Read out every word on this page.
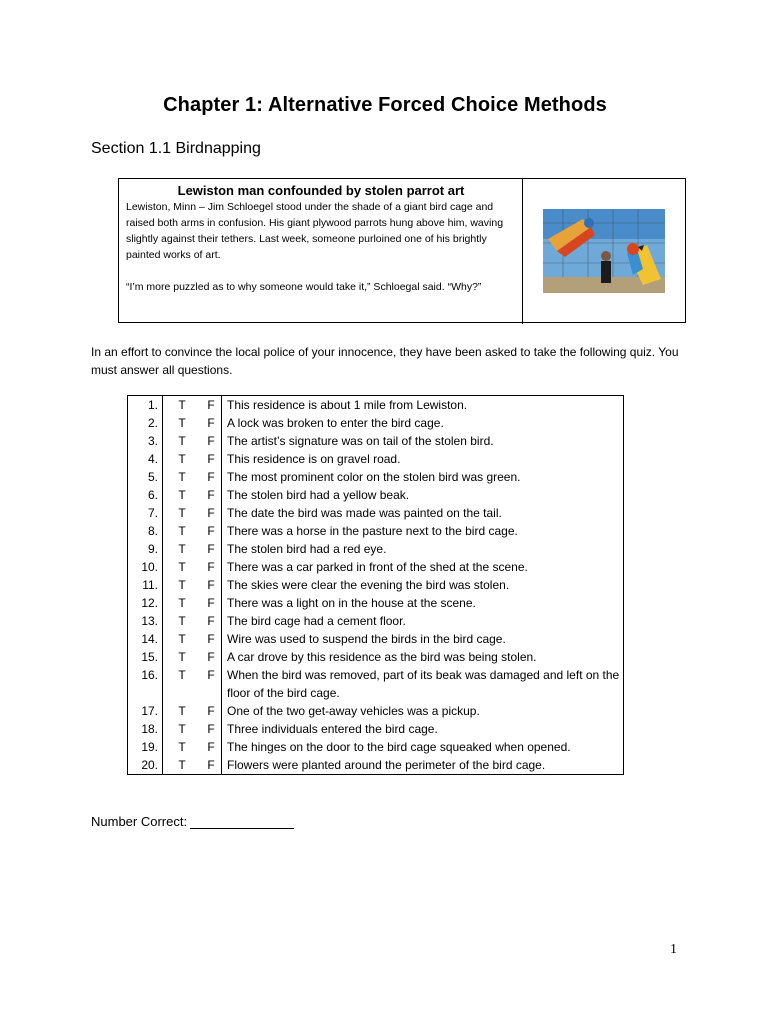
Chapter 1: Alternative Forced Choice Methods
Section 1.1 Birdnapping
Lewiston man confounded by stolen parrot art

Lewiston, Minn – Jim Schloegel stood under the shade of a giant bird cage and raised both arms in confusion. His giant plywood parrots hung above him, waving slightly against their tethers. Last week, someone purloined one of his brightly painted works of art.

“I’m more puzzled as to why someone would take it,” Schloegal said. “Why?”

In an effort to convince the local police of your innocence, they have been asked to take the following quiz. You must answer all questions.
1.	T	F	This residence is about 1 mile from Lewiston.
2.	T	F	A lock was broken to enter the bird cage.
3.	T	F	The artist’s signature was on tail of the stolen bird.
4.	T	F	This residence is on gravel road.
5.	T	F	The most prominent color on the stolen bird was green.
6.	T	F	The stolen bird had a yellow beak.
7.	T	F	The date the bird was made was painted on the tail.
8.	T	F	There was a horse in the pasture next to the bird cage.
9.	T	F	The stolen bird had a red eye.
10.	T	F	There was a car parked in front of the shed at the scene.
11.	T	F	The skies were clear the evening the bird was stolen.
12.	T	F	There was a light on in the house at the scene.
13.	T	F	The bird cage had a cement floor.
14.	T	F	Wire was used to suspend the birds in the bird cage.
15.	T	F	A car drove by this residence as the bird was being stolen.
16.	T	F	When the bird was removed, part of its beak was damaged and left on the floor of the bird cage.
17.	T	F	One of the two get-away vehicles was a pickup.
18.	T	F	Three individuals entered the bird cage.
19.	T	F	The hinges on the door to the bird cage squeaked when opened.
20.	T	F	Flowers were planted around the perimeter of the bird cage.
Number Correct:
1
